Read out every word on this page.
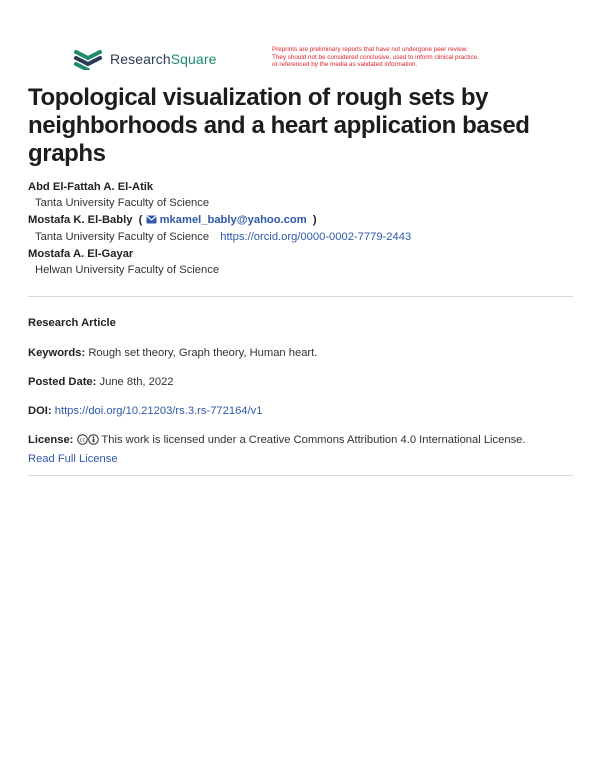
ResearchSquare
Preprints are preliminary reports that have not undergone peer review.
They should not be considered conclusive, used to inform clinical practice,
or referenced by the media as validated information.
Topological visualization of rough sets by neighborhoods and a heart application based graphs
Abd El-Fattah A. El-Atik
Tanta University Faculty of Science
Mostafa K. El-Bably  ( mkamel_bably@yahoo.com  )
Tanta University Faculty of Science https://orcid.org/0000-0002-7779-2443
Mostafa A. El-Gayar
Helwan University Faculty of Science
Research Article
Keywords: Rough set theory, Graph theory, Human heart.
Posted Date: June 8th, 2022
DOI: https://doi.org/10.21203/rs.3.rs-772164/v1
License: cc This work is licensed under a Creative Commons Attribution 4.0 International License.
Read Full License
